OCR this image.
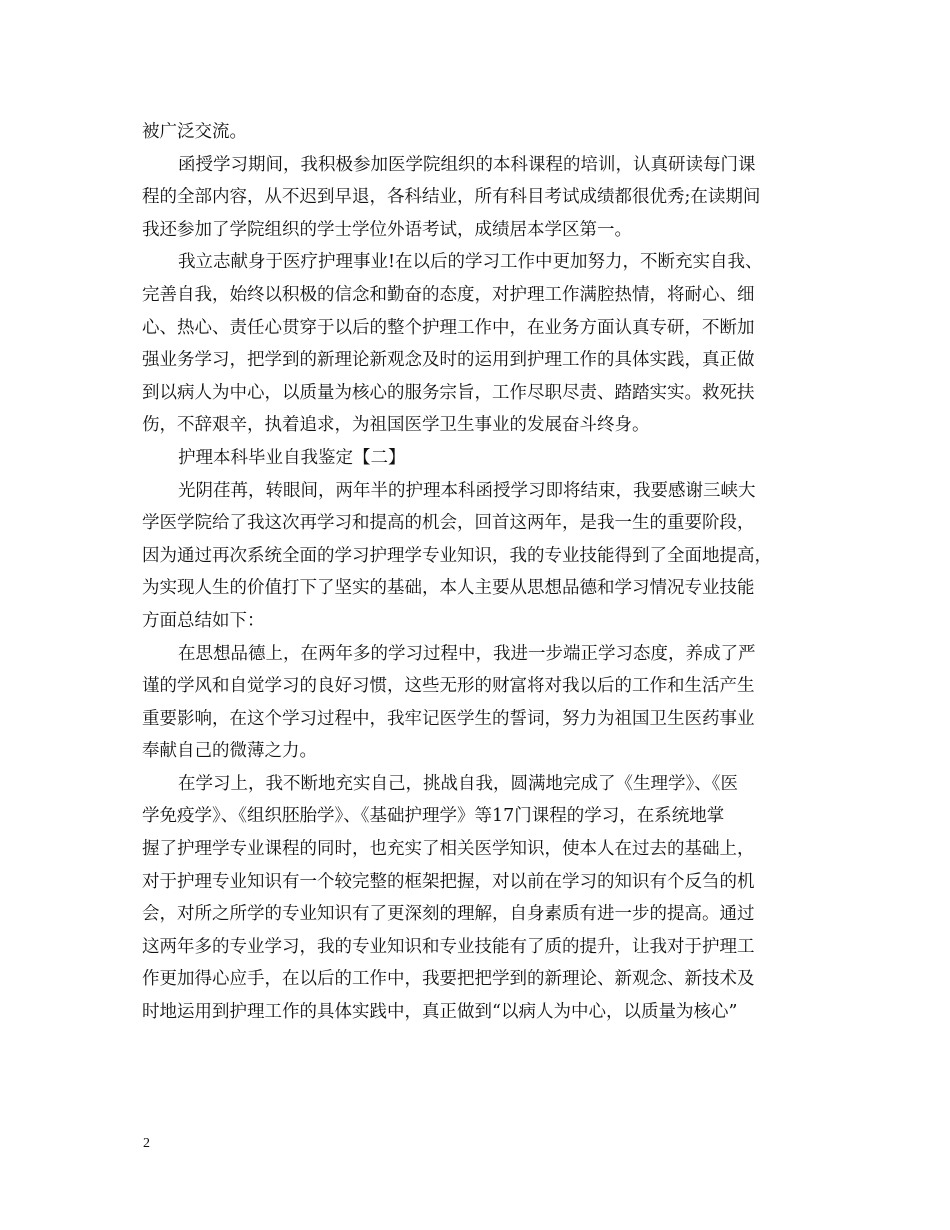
被广泛交流。
函授学习期间，我积极参加医学院组织的本科课程的培训，认真研读每门课
程的全部内容，从不迟到早退，各科结业，所有科目考试成绩都很优秀;在读期间
我还参加了学院组织的学士学位外语考试，成绩居本学区第一。
我立志献身于医疗护理事业!在以后的学习工作中更加努力，不断充实自我、
完善自我，始终以积极的信念和勤奋的态度，对护理工作满腔热情，将耐心、细
心、热心、责任心贯穿于以后的整个护理工作中，在业务方面认真专研，不断加
强业务学习，把学到的新理论新观念及时的运用到护理工作的具体实践，真正做
到以病人为中心，以质量为核心的服务宗旨，工作尽职尽责、踏踏实实。救死扶
伤，不辞艰辛，执着追求，为祖国医学卫生事业的发展奋斗终身。
护理本科毕业自我鉴定【二】
光阴荏苒，转眼间，两年半的护理本科函授学习即将结束，我要感谢三峡大
学医学院给了我这次再学习和提高的机会，回首这两年，是我一生的重要阶段，
因为通过再次系统全面的学习护理学专业知识，我的专业技能得到了全面地提高，
为实现人生的价值打下了坚实的基础，本人主要从思想品德和学习情况专业技能
方面总结如下：
在思想品德上，在两年多的学习过程中，我进一步端正学习态度，养成了严
谨的学风和自觉学习的良好习惯，这些无形的财富将对我以后的工作和生活产生
重要影响，在这个学习过程中，我牢记医学生的誓词，努力为祖国卫生医药事业
奉献自己的微薄之力。
在学习上，我不断地充实自己，挑战自我，圆满地完成了《生理学》、《医
学免疫学》、《组织胚胎学》、《基础护理学》等17门课程的学习，在系统地掌
握了护理学专业课程的同时，也充实了相关医学知识，使本人在过去的基础上，
对于护理专业知识有一个较完整的框架把握，对以前在学习的知识有个反刍的机
会，对所之所学的专业知识有了更深刻的理解，自身素质有进一步的提高。通过
这两年多的专业学习，我的专业知识和专业技能有了质的提升，让我对于护理工
作更加得心应手，在以后的工作中，我要把把学到的新理论、新观念、新技术及
时地运用到护理工作的具体实践中，真正做到“以病人为中心，以质量为核心”
2
